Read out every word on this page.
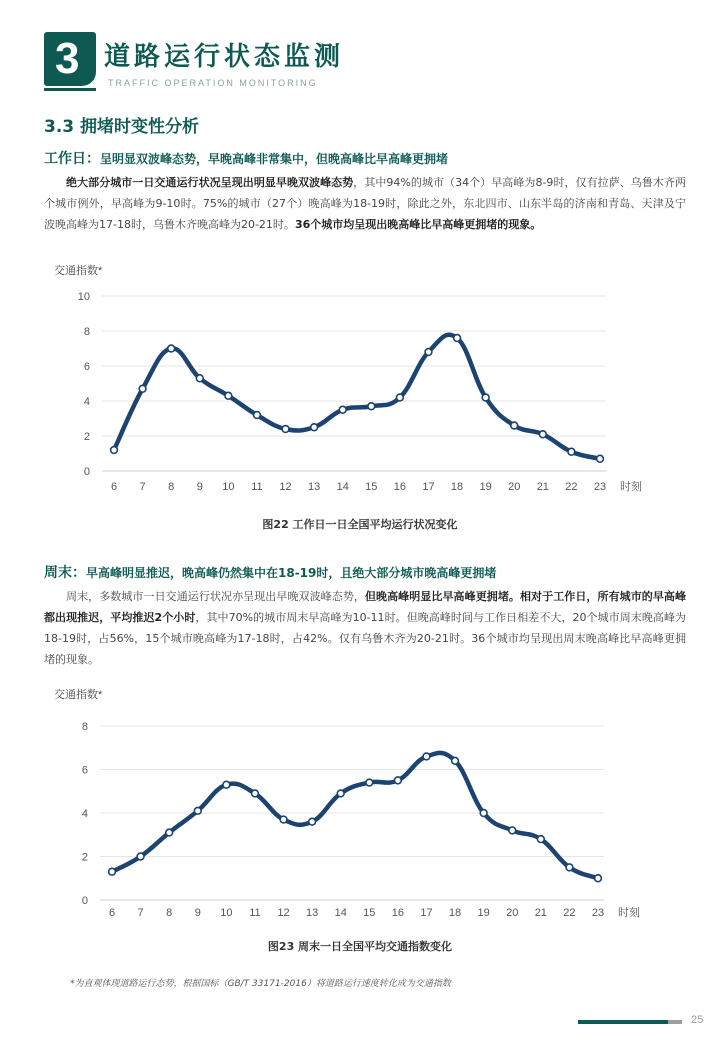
3 道路运行状态监测
TRAFFIC OPERATION MONITORING
3.3 拥堵时变性分析
工作日：呈明显双波峰态势，早晚高峰非常集中，但晚高峰比早高峰更拥堵

绝大部分城市一日交通运行状况呈现出明显早晚双波峰态势，其中94%的城市（34个）早高峰为8-9时，仅有拉萨、乌鲁木齐两个城市例外，早高峰为9-10时。75%的城市（27个）晚高峰为18-19时，除此之外，东北四市、山东半岛的济南和青岛、天津及宁波晚高峰为17-18时，乌鲁木齐晚高峰为20-21时。36个城市均呈现出晚高峰比早高峰更拥堵的现象。

交通指数*
0
2
4
6
8
10
6 7 8 9 10 11 12 13 14 15 16 17 18 19 20 21 22 23 时刻
图22 工作日一日全国平均运行状况变化
周末：早高峰明显推迟，晚高峰仍然集中在18-19时，且绝大部分城市晚高峰更拥堵

周末，多数城市一日交通运行状况亦呈现出早晚双波峰态势，但晚高峰明显比早高峰更拥堵。相对于工作日，所有城市的早高峰都出现推迟，平均推迟2个小时，其中70%的城市周末早高峰为10-11时。但晚高峰时间与工作日相差不大，20个城市周末晚高峰为18-19时，占56%，15个城市晚高峰为17-18时，占42%。仅有乌鲁木齐为20-21时。36个城市均呈现出周末晚高峰比早高峰更拥堵的现象。

交通指数*
0
2
4
6
8
6 7 8 9 10 11 12 13 14 15 16 17 18 19 20 21 22 23 时刻
图23 周末一日全国平均交通指数变化
*为直观体现道路运行态势，根据国标（GB/T 33171-2016）将道路运行速度转化成为交通指数
25
